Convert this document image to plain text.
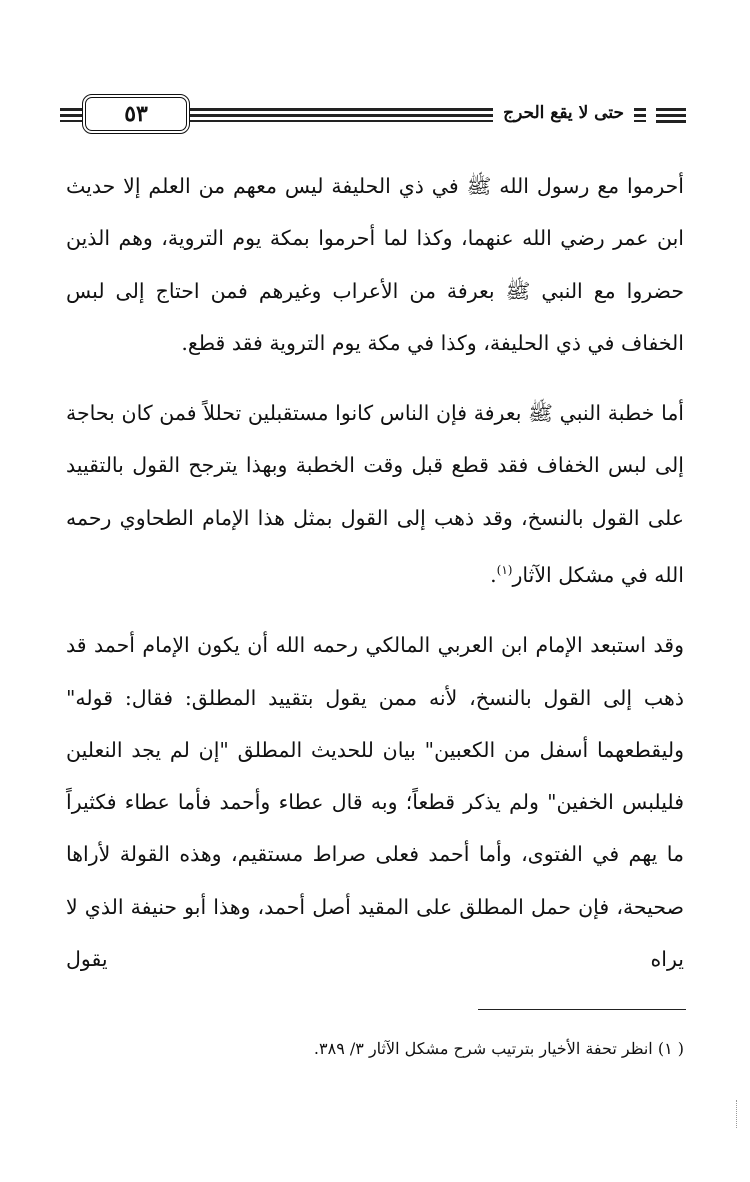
٥٣	حتى لا يقع الحرج

أحرموا مع رسول الله ﷺ في ذي الحليفة ليس معهم من العلم إلا حديث ابن عمر رضي الله عنهما، وكذا لما أحرموا بمكة يوم التروية، وهم الذين حضروا مع النبي ﷺ بعرفة من الأعراب وغيرهم فمن احتاج إلى لبس الخفاف في ذي الحليفة، وكذا في مكة يوم التروية فقد قطع.

أما خطبة النبي ﷺ بعرفة فإن الناس كانوا مستقبلين تحللاً فمن كان بحاجة إلى لبس الخفاف فقد قطع قبل وقت الخطبة وبهذا يترجح القول بالتقييد على القول بالنسخ، وقد ذهب إلى القول بمثل هذا الإمام الطحاوي رحمه الله في مشكل الآثار$^{(١)}$.

وقد استبعد الإمام ابن العربي المالكي رحمه الله أن يكون الإمام أحمد قد ذهب إلى القول بالنسخ، لأنه ممن يقول بتقييد المطلق: فقال: قوله" وليقطعهما أسفل من الكعبين" بيان للحديث المطلق "إن لم يجد النعلين فليلبس الخفين" ولم يذكر قطعاً؛ وبه قال عطاء وأحمد فأما عطاء فكثيراً ما يهم في الفتوى، وأما أحمد فعلى صراط مستقيم، وهذه القولة لأراها صحيحة، فإن حمل المطلق على المقيد أصل أحمد، وهذا أبو حنيفة الذي لا يراه يقول

( ١) انظر تحفة الأخيار بترتيب شرح مشكل الآثار ٣/ ٣٨٩.
